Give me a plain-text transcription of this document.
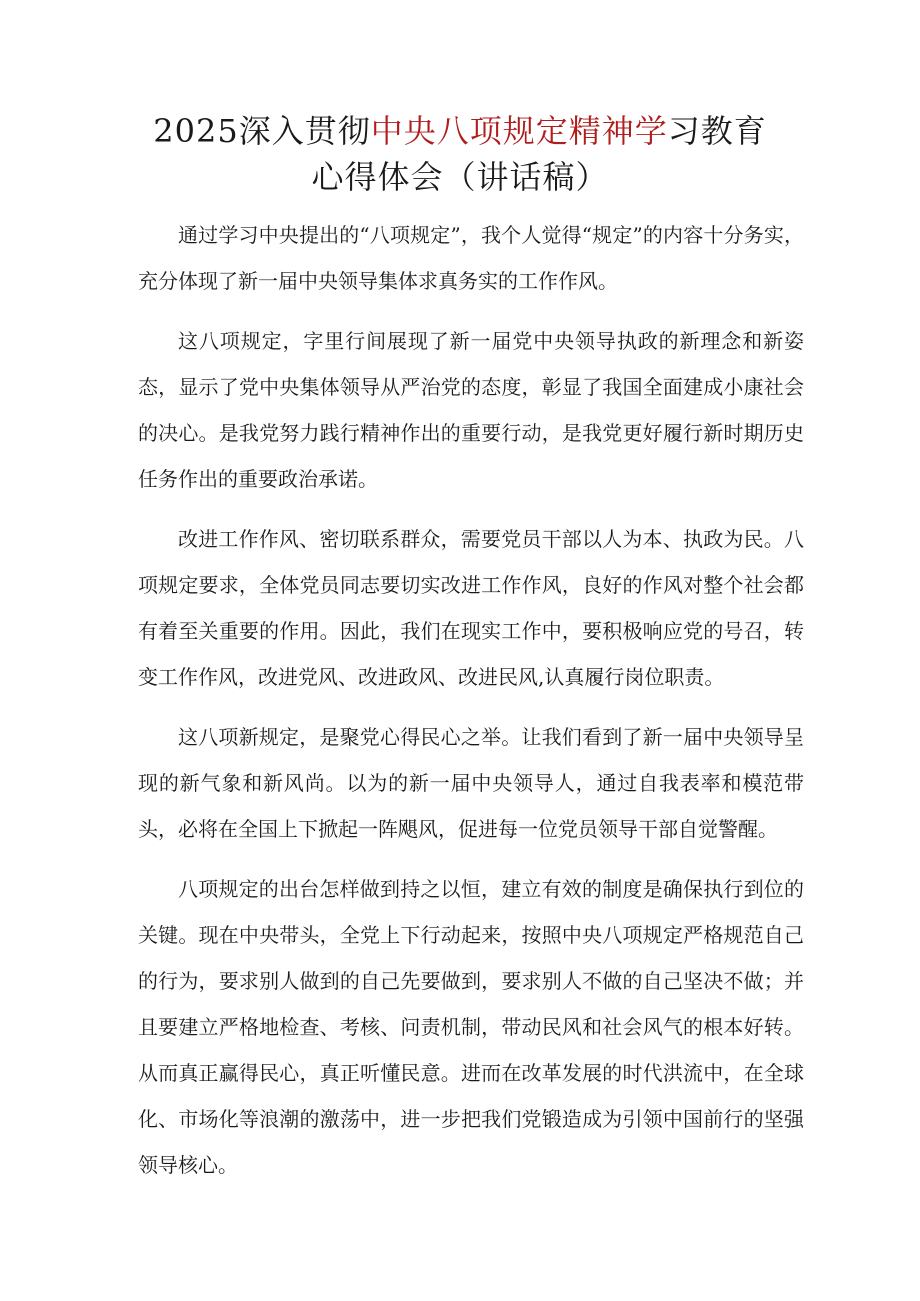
2025深入贯彻中央八项规定精神学习教育
心得体会（讲话稿）

通过学习中央提出的“八项规定”，我个人觉得“规定”的内容十分务实，充分体现了新一届中央领导集体求真务实的工作作风。

这八项规定，字里行间展现了新一届党中央领导执政的新理念和新姿态，显示了党中央集体领导从严治党的态度，彰显了我国全面建成小康社会的决心。是我党努力践行精神作出的重要行动，是我党更好履行新时期历史任务作出的重要政治承诺。

改进工作作风、密切联系群众，需要党员干部以人为本、执政为民。八项规定要求，全体党员同志要切实改进工作作风，良好的作风对整个社会都有着至关重要的作用。因此，我们在现实工作中，要积极响应党的号召，转变工作作风，改进党风、改进政风、改进民风,认真履行岗位职责。

这八项新规定，是聚党心得民心之举。让我们看到了新一届中央领导呈现的新气象和新风尚。以为的新一届中央领导人，通过自我表率和模范带头，必将在全国上下掀起一阵飓风，促进每一位党员领导干部自觉警醒。

八项规定的出台怎样做到持之以恒，建立有效的制度是确保执行到位的关键。现在中央带头，全党上下行动起来，按照中央八项规定严格规范自己的行为，要求别人做到的自己先要做到，要求别人不做的自己坚决不做；并且要建立严格地检查、考核、问责机制，带动民风和社会风气的根本好转。从而真正赢得民心，真正听懂民意。进而在改革发展的时代洪流中，在全球化、市场化等浪潮的激荡中，进一步把我们党锻造成为引领中国前行的坚强领导核心。
